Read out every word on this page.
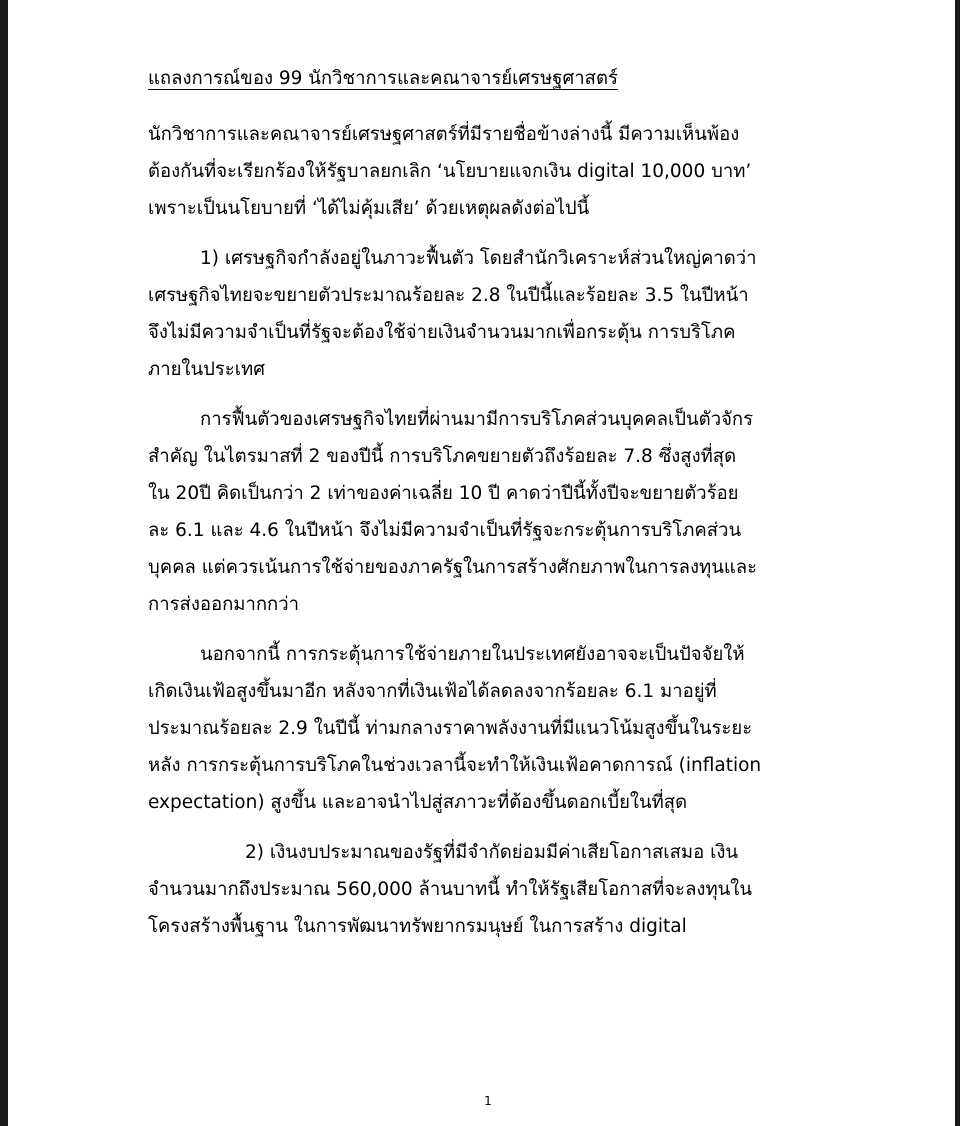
แถลงการณ์ของ 99 นักวิชาการและคณาจารย์เศรษฐศาสตร์

นักวิชาการและคณาจารย์เศรษฐศาสตร์ที่มีรายชื่อข้างล่างนี้ มีความเห็นพ้อง
ต้องกันที่จะเรียกร้องให้รัฐบาลยกเลิก ‘นโยบายแจกเงิน digital 10,000 บาท’
เพราะเป็นนโยบายที่ ‘ได้ไม่คุ้มเสีย’ ด้วยเหตุผลดังต่อไปนี้

1) เศรษฐกิจกำลังอยู่ในภาวะฟื้นตัว โดยสำนักวิเคราะห์ส่วนใหญ่คาดว่า
เศรษฐกิจไทยจะขยายตัวประมาณร้อยละ 2.8 ในปีนี้และร้อยละ 3.5 ในปีหน้า
จึงไม่มีความจำเป็นที่รัฐจะต้องใช้จ่ายเงินจำนวนมากเพื่อกระตุ้น การบริโภค
ภายในประเทศ

การฟื้นตัวของเศรษฐกิจไทยที่ผ่านมามีการบริโภคส่วนบุคคลเป็นตัวจักร
สำคัญ ในไตรมาสที่ 2 ของปีนี้ การบริโภคขยายตัวถึงร้อยละ 7.8 ซึ่งสูงที่สุด
ใน 20ปี คิดเป็นกว่า 2 เท่าของค่าเฉลี่ย 10 ปี คาดว่าปีนี้ทั้งปีจะขยายตัวร้อย
ละ 6.1 และ 4.6 ในปีหน้า จึงไม่มีความจำเป็นที่รัฐจะกระตุ้นการบริโภคส่วน
บุคคล แต่ควรเน้นการใช้จ่ายของภาครัฐในการสร้างศักยภาพในการลงทุนและ
การส่งออกมากกว่า

นอกจากนี้ การกระตุ้นการใช้จ่ายภายในประเทศยังอาจจะเป็นปัจจัยให้
เกิดเงินเฟ้อสูงขึ้นมาอีก หลังจากที่เงินเฟ้อได้ลดลงจากร้อยละ 6.1 มาอยู่ที่
ประมาณร้อยละ 2.9 ในปีนี้ ท่ามกลางราคาพลังงานที่มีแนวโน้มสูงขึ้นในระยะ
หลัง การกระตุ้นการบริโภคในช่วงเวลานี้จะทำให้เงินเฟ้อคาดการณ์ (inflation
expectation) สูงขึ้น และอาจนำไปสู่สภาวะที่ต้องขึ้นดอกเบี้ยในที่สุด

2) เงินงบประมาณของรัฐที่มีจำกัดย่อมมีค่าเสียโอกาสเสมอ เงิน
จำนวนมากถึงประมาณ 560,000 ล้านบาทนี้ ทำให้รัฐเสียโอกาสที่จะลงทุนใน
โครงสร้างพื้นฐาน ในการพัฒนาทรัพยากรมนุษย์ ในการสร้าง digital

1
